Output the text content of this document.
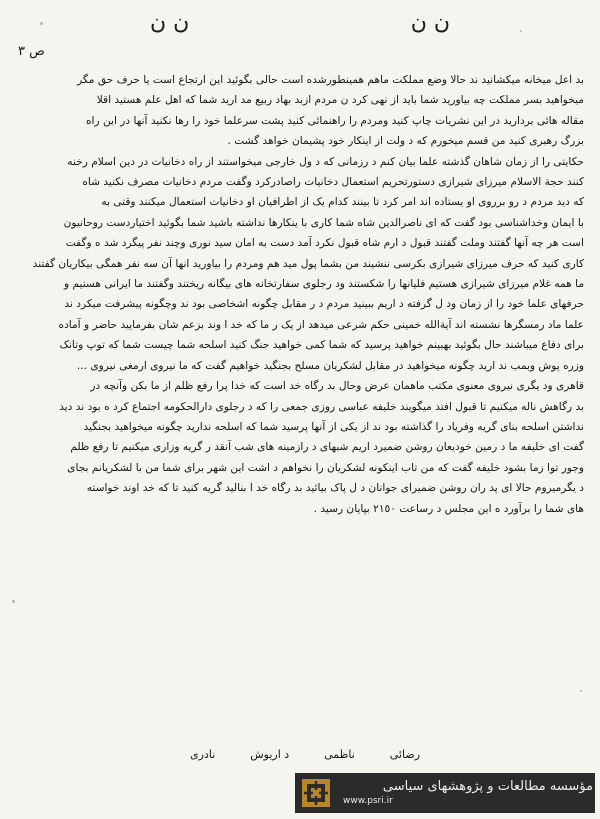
ن ن	ن ن
ص ٣

بد اعل میخانه میکشانید ند حالا وضع مملکت ماهم همینطورشده است حالی بگوئید این ارتجاع است یا حرف حق مگر

میخواهید بسر مملکت چه بیاورید شما باید از نهی کرد ن مردم ازبد بهاد ربیع مد ارید شما که اهل علم هستید اقلا

مقاله هائی بردارید در این نشریات چاپ کنید ومردم را راهنمائی کنید پشت سرعلما خود را رها نکنید آنها در این راه

بزرگ رهبری کنید من قسم میخورم که د ولت از اینکار خود پشیمان خواهد گشت .

حکایتی را از زمان شاهان گذشته علما بیان کنم د رزمانی که د ول خارجی میخواستند از راه دخانیات در دین اسلام رخنه

کنند حجة الاسلام میرزای شیرازی دستورتحریم استعمال دخانیات راصادرکرد وگفت مردم دخانیات مصرف نکنید شاه

که دید مردم د رو برروی او یستاده اند امر کرد تا بینند کدام یک از اطرافیان او دخانیات استعمال میکنند وقتی به

با ایمان وخداشناسی بود گفت که ای ناصرالدین شاه شما کاری با ینکارها نداشته باشید شما بگوئید اختیاردست روحانیون

است هر چه آنها گفتند وملت گفتند قبول د ارم شاه قبول نکرد آمد دست به امان سید نوری وچند نفر پیگرد شد ه وگفت

کاری کنید که حرف میرزای شیرازی بکرسی ننشیند من بشما پول مید هم ومردم را بیاورید انها آن سه نفر همگی بیکاریان گفتند

ما همه غلام میرزای شیرازی هستیم فلیانها را شکستند ود رجلوی سفارتخانه های بیگانه ریختند وگفتند ما ایرانی هستیم و

حرفهای علما خود را از زمان ود ل گرفته د اریم ببینید مردم د ر مقابل چگونه اشخاصی بود ند وچگونه پیشرفت میکرد ند

علما ماد رمسگرها نشسته اند آیةالله خمینی حکم شرعی میدهد از یک ر ما که خد ا وند بزعم شان بفرمایید حاضر و آماده

برای دفاع میباشند حال بگوئید بهبینم خواهید پرسید که شما کمی خواهید جنگ کنید اسلحه شما چیست شما که توپ وتانک

وزره پوش وبمب ند ارید چگونه میخواهید در مقابل لشکریان مسلح بجنگید خواهیم گفت که ما نیروی ارمغی نیروی ...

قاهری ود یگری نیروی معنوی مکتب ماهمان عرض وحال بد رگاه خد است که خدا پرا رفع ظلم از ما بکن وآنچه در

بد رگاهش ناله میکنیم تا قبول افتد میگویند خلیفه عباسی روزی جمعی را که د رجلوی دارالحکومه اجتماع کرد ه بود ند دید

نداشتن اسلحه بنای گریه وفریاد را گذاشته بود ند از یکی از آنها پرسید شما که اسلحه ندارید چگونه میخواهید بجنگید

گفت ای خلیفه ما د رمین خودیعان روشن ضمیرد اریم شبهای د رازمینه های شب آنقد ر گریه وزاری میکنیم تا رفع ظلم

وجور توا زما بشود خلیفه گفت که من تاب اینکونه لشکریان را نخواهم د اشت این شهر برای شما من با لشکریانم بجای

د یگرمیروم حالا ای پد ران روشن ضمیرای جوانان د ل پاک بیائید بد رگاه خد ا بنالید گریه کنید تا که خد اوند خواسته

های شما را برآورد ه این مجلس د رساعت ٢١٥٠ بپایان رسید .

رضائی
ناظمی
د اریوش
نادری
مؤسسه مطالعات و پژوهشهای سیاسی
www.psri.ir
